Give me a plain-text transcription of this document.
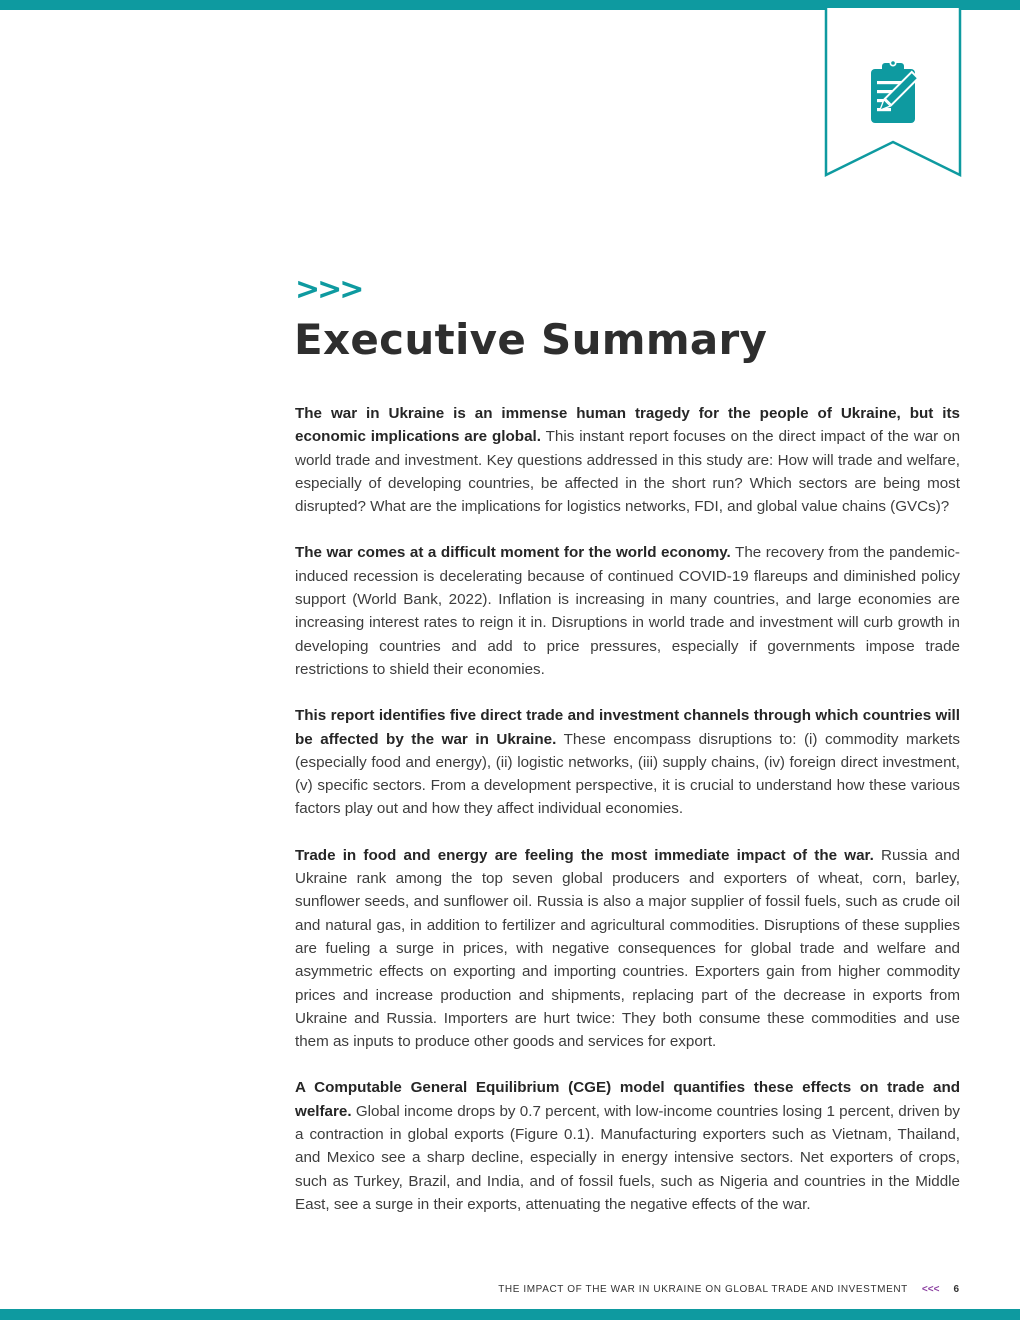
>>>
Executive Summary

The war in Ukraine is an immense human tragedy for the people of Ukraine, but its economic implications are global. This instant report focuses on the direct impact of the war on world trade and investment. Key questions addressed in this study are: How will trade and welfare, especially of developing countries, be affected in the short run? Which sectors are being most disrupted? What are the implications for logistics networks, FDI, and global value chains (GVCs)?

The war comes at a difficult moment for the world economy. The recovery from the pandemic-induced recession is decelerating because of continued COVID-19 flareups and diminished policy support (World Bank, 2022). Inflation is increasing in many countries, and large economies are increasing interest rates to reign it in. Disruptions in world trade and investment will curb growth in developing countries and add to price pressures, especially if governments impose trade restrictions to shield their economies.

This report identifies five direct trade and investment channels through which countries will be affected by the war in Ukraine. These encompass disruptions to: (i) commodity markets (especially food and energy), (ii) logistic networks, (iii) supply chains, (iv) foreign direct investment, (v) specific sectors. From a development perspective, it is crucial to understand how these various factors play out and how they affect individual economies.

Trade in food and energy are feeling the most immediate impact of the war. Russia and Ukraine rank among the top seven global producers and exporters of wheat, corn, barley, sunflower seeds, and sunflower oil. Russia is also a major supplier of fossil fuels, such as crude oil and natural gas, in addition to fertilizer and agricultural commodities. Disruptions of these supplies are fueling a surge in prices, with negative consequences for global trade and welfare and asymmetric effects on exporting and importing countries. Exporters gain from higher commodity prices and increase production and shipments, replacing part of the decrease in exports from Ukraine and Russia. Importers are hurt twice: They both consume these commodities and use them as inputs to produce other goods and services for export.

A Computable General Equilibrium (CGE) model quantifies these effects on trade and welfare. Global income drops by 0.7 percent, with low-income countries losing 1 percent, driven by a contraction in global exports (Figure 0.1). Manufacturing exporters such as Vietnam, Thailand, and Mexico see a sharp decline, especially in energy intensive sectors. Net exporters of crops, such as Turkey, Brazil, and India, and of fossil fuels, such as Nigeria and countries in the Middle East, see a surge in their exports, attenuating the negative effects of the war.

THE IMPACT OF THE WAR IN UKRAINE ON GLOBAL TRADE AND INVESTMENT <<< 6
